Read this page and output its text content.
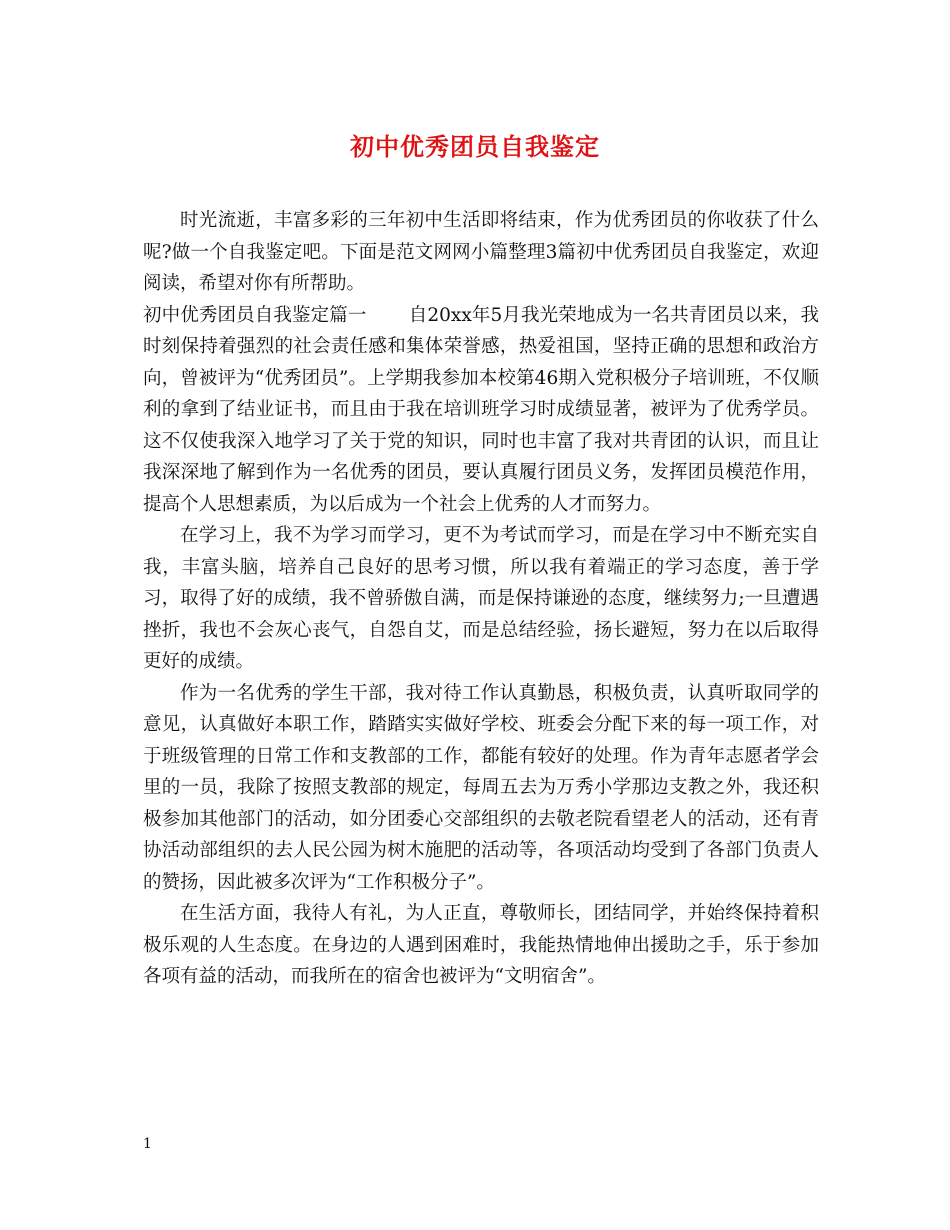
初中优秀团员自我鉴定

时光流逝，丰富多彩的三年初中生活即将结束，作为优秀团员的你收获了什么呢?做一个自我鉴定吧。下面是范文网网小篇整理3篇初中优秀团员自我鉴定，欢迎阅读，希望对你有所帮助。

初中优秀团员自我鉴定篇一 自20xx年5月我光荣地成为一名共青团员以来，我时刻保持着强烈的社会责任感和集体荣誉感，热爱祖国，坚持正确的思想和政治方向，曾被评为“优秀团员”。上学期我参加本校第46期入党积极分子培训班，不仅顺利的拿到了结业证书，而且由于我在培训班学习时成绩显著，被评为了优秀学员。这不仅使我深入地学习了关于党的知识，同时也丰富了我对共青团的认识，而且让我深深地了解到作为一名优秀的团员，要认真履行团员义务，发挥团员模范作用，提高个人思想素质，为以后成为一个社会上优秀的人才而努力。

在学习上，我不为学习而学习，更不为考试而学习，而是在学习中不断充实自我，丰富头脑，培养自己良好的思考习惯，所以我有着端正的学习态度，善于学习，取得了好的成绩，我不曾骄傲自满，而是保持谦逊的态度，继续努力;一旦遭遇挫折，我也不会灰心丧气，自怨自艾，而是总结经验，扬长避短，努力在以后取得更好的成绩。

作为一名优秀的学生干部，我对待工作认真勤恳，积极负责，认真听取同学的意见，认真做好本职工作，踏踏实实做好学校、班委会分配下来的每一项工作，对于班级管理的日常工作和支教部的工作，都能有较好的处理。作为青年志愿者学会里的一员，我除了按照支教部的规定，每周五去为万秀小学那边支教之外，我还积极参加其他部门的活动，如分团委心交部组织的去敬老院看望老人的活动，还有青协活动部组织的去人民公园为树木施肥的活动等，各项活动均受到了各部门负责人的赞扬，因此被多次评为“工作积极分子”。

在生活方面，我待人有礼，为人正直，尊敬师长，团结同学，并始终保持着积极乐观的人生态度。在身边的人遇到困难时，我能热情地伸出援助之手，乐于参加各项有益的活动，而我所在的宿舍也被评为“文明宿舍”。

1
